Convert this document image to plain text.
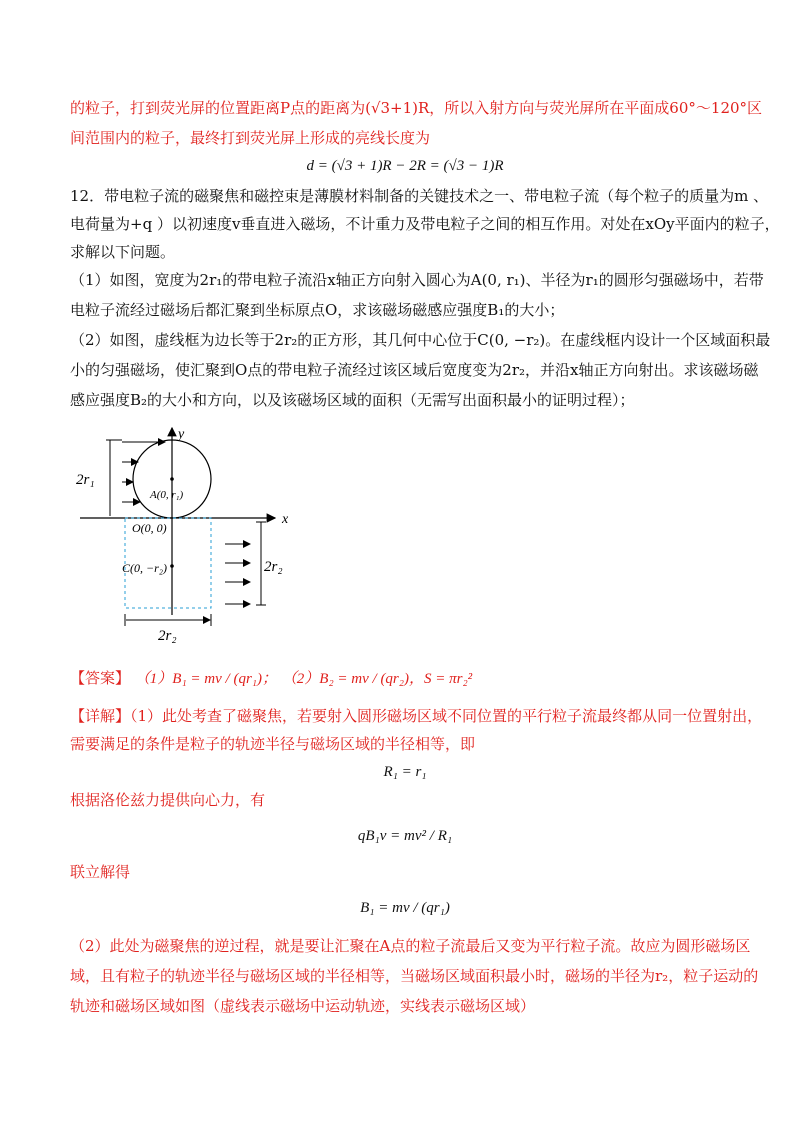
的粒子，打到荧光屏的位置距离P点的距离为(√3+1)R，所以入射方向与荧光屏所在平面成60°～120°区
间范围内的粒子，最终打到荧光屏上形成的亮线长度为
d = (√3 + 1)R − 2R = (√3 − 1)R
12．带电粒子流的磁聚焦和磁控束是薄膜材料制备的关键技术之一、带电粒子流（每个粒子的质量为m 、
电荷量为+q ）以初速度v垂直进入磁场，不计重力及带电粒子之间的相互作用。对处在xOy平面内的粒子，
求解以下问题。
（1）如图，宽度为2r₁的带电粒子流沿x轴正方向射入圆心为A(0, r₁)、半径为r₁的圆形匀强磁场中，若带
电粒子流经过磁场后都汇聚到坐标原点O，求该磁场磁感应强度B₁的大小；
（2）如图，虚线框为边长等于2r₂的正方形，其几何中心位于C(0, −r₂)。在虚线框内设计一个区域面积最
小的匀强磁场，使汇聚到O点的带电粒子流经过该区域后宽度变为2r₂，并沿x轴正方向射出。求该磁场磁
感应强度B₂的大小和方向，以及该磁场区域的面积（无需写出面积最小的证明过程）；
y
x
A(0, r₁)
2r₁
O(0, 0)
C(0, −r₂)	2r₂
2r₂
【答案】 （1）B₁ = mv / (qr₁)； （2）B₂ = mv / (qr₂)，S = πr₂²
【详解】（1）此处考查了磁聚焦，若要射入圆形磁场区域不同位置的平行粒子流最终都从同一位置射出，
需要满足的条件是粒子的轨迹半径与磁场区域的半径相等，即
R₁ = r₁
根据洛伦兹力提供向心力，有
qB₁v = mv² / R₁
联立解得
B₁ = mv / (qr₁)
（2）此处为磁聚焦的逆过程，就是要让汇聚在A点的粒子流最后又变为平行粒子流。故应为圆形磁场区
域，且有粒子的轨迹半径与磁场区域的半径相等，当磁场区域面积最小时，磁场的半径为r₂，粒子运动的
轨迹和磁场区域如图（虚线表示磁场中运动轨迹，实线表示磁场区域）
